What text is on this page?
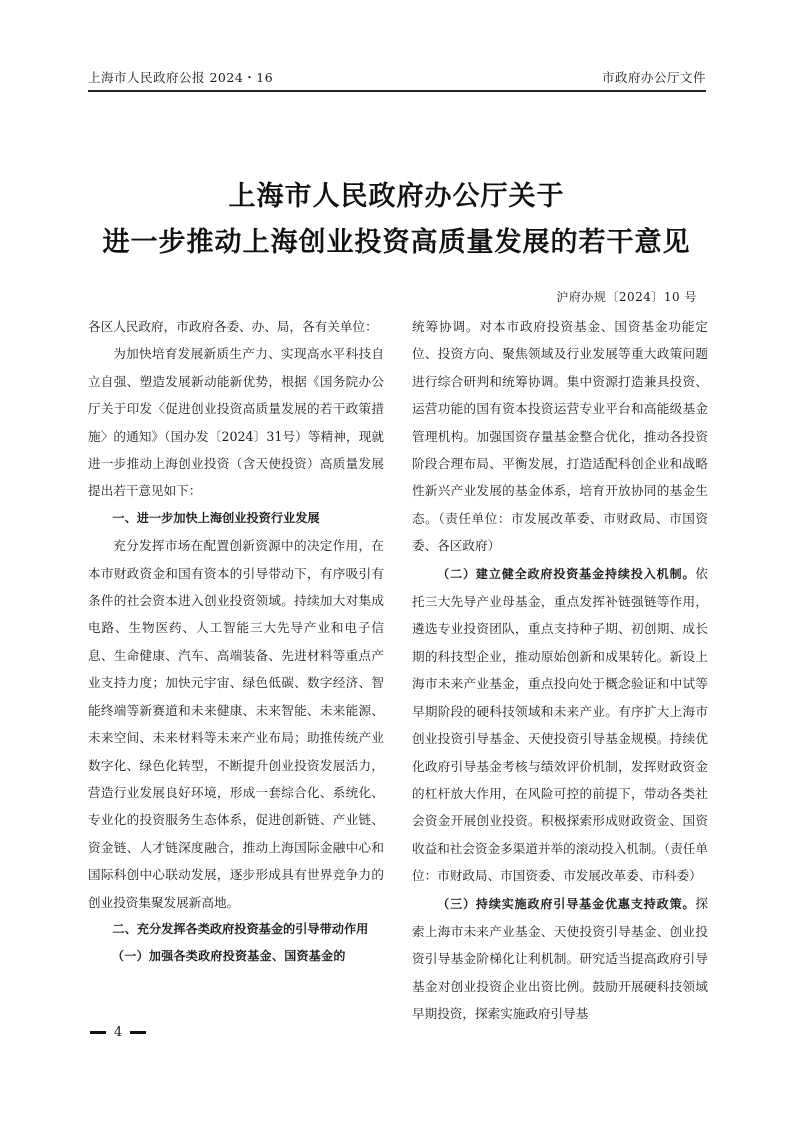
上海市人民政府公报 2024・16	市政府办公厅文件
上海市人民政府办公厅关于
进一步推动上海创业投资高质量发展的若干意见
沪府办规〔2024〕10 号

各区人民政府，市政府各委、办、局，各有关单位：

为加快培育发展新质生产力、实现高水平科技自立自强、塑造发展新动能新优势，根据《国务院办公厅关于印发〈促进创业投资高质量发展的若干政策措施〉的通知》（国办发〔2024〕31号）等精神，现就进一步推动上海创业投资（含天使投资）高质量发展提出若干意见如下：

一、进一步加快上海创业投资行业发展

充分发挥市场在配置创新资源中的决定作用，在本市财政资金和国有资本的引导带动下，有序吸引有条件的社会资本进入创业投资领域。持续加大对集成电路、生物医药、人工智能三大先导产业和电子信息、生命健康、汽车、高端装备、先进材料等重点产业支持力度；加快元宇宙、绿色低碳、数字经济、智能终端等新赛道和未来健康、未来智能、未来能源、未来空间、未来材料等未来产业布局；助推传统产业数字化、绿色化转型，不断提升创业投资发展活力，营造行业发展良好环境，形成一套综合化、系统化、专业化的投资服务生态体系，促进创新链、产业链、资金链、人才链深度融合，推动上海国际金融中心和国际科创中心联动发展，逐步形成具有世界竞争力的创业投资集聚发展新高地。

二、充分发挥各类政府投资基金的引导带动作用

（一）加强各类政府投资基金、国资基金的

统筹协调。对本市政府投资基金、国资基金功能定位、投资方向、聚焦领域及行业发展等重大政策问题进行综合研判和统筹协调。集中资源打造兼具投资、运营功能的国有资本投资运营专业平台和高能级基金管理机构。加强国资存量基金整合优化，推动各投资阶段合理布局、平衡发展，打造适配科创企业和战略性新兴产业发展的基金体系，培育开放协同的基金生态。（责任单位：市发展改革委、市财政局、市国资委、各区政府）

（二）建立健全政府投资基金持续投入机制。依托三大先导产业母基金，重点发挥补链强链等作用，遴选专业投资团队，重点支持种子期、初创期、成长期的科技型企业，推动原始创新和成果转化。新设上海市未来产业基金，重点投向处于概念验证和中试等早期阶段的硬科技领域和未来产业。有序扩大上海市创业投资引导基金、天使投资引导基金规模。持续优化政府引导基金考核与绩效评价机制，发挥财政资金的杠杆放大作用，在风险可控的前提下，带动各类社会资金开展创业投资。积极探索形成财政资金、国资收益和社会资金多渠道并举的滚动投入机制。（责任单位：市财政局、市国资委、市发展改革委、市科委）

（三）持续实施政府引导基金优惠支持政策。探索上海市未来产业基金、天使投资引导基金、创业投资引导基金阶梯化让利机制。研究适当提高政府引导基金对创业投资企业出资比例。鼓励开展硬科技领域早期投资，探索实施政府引导基

4
